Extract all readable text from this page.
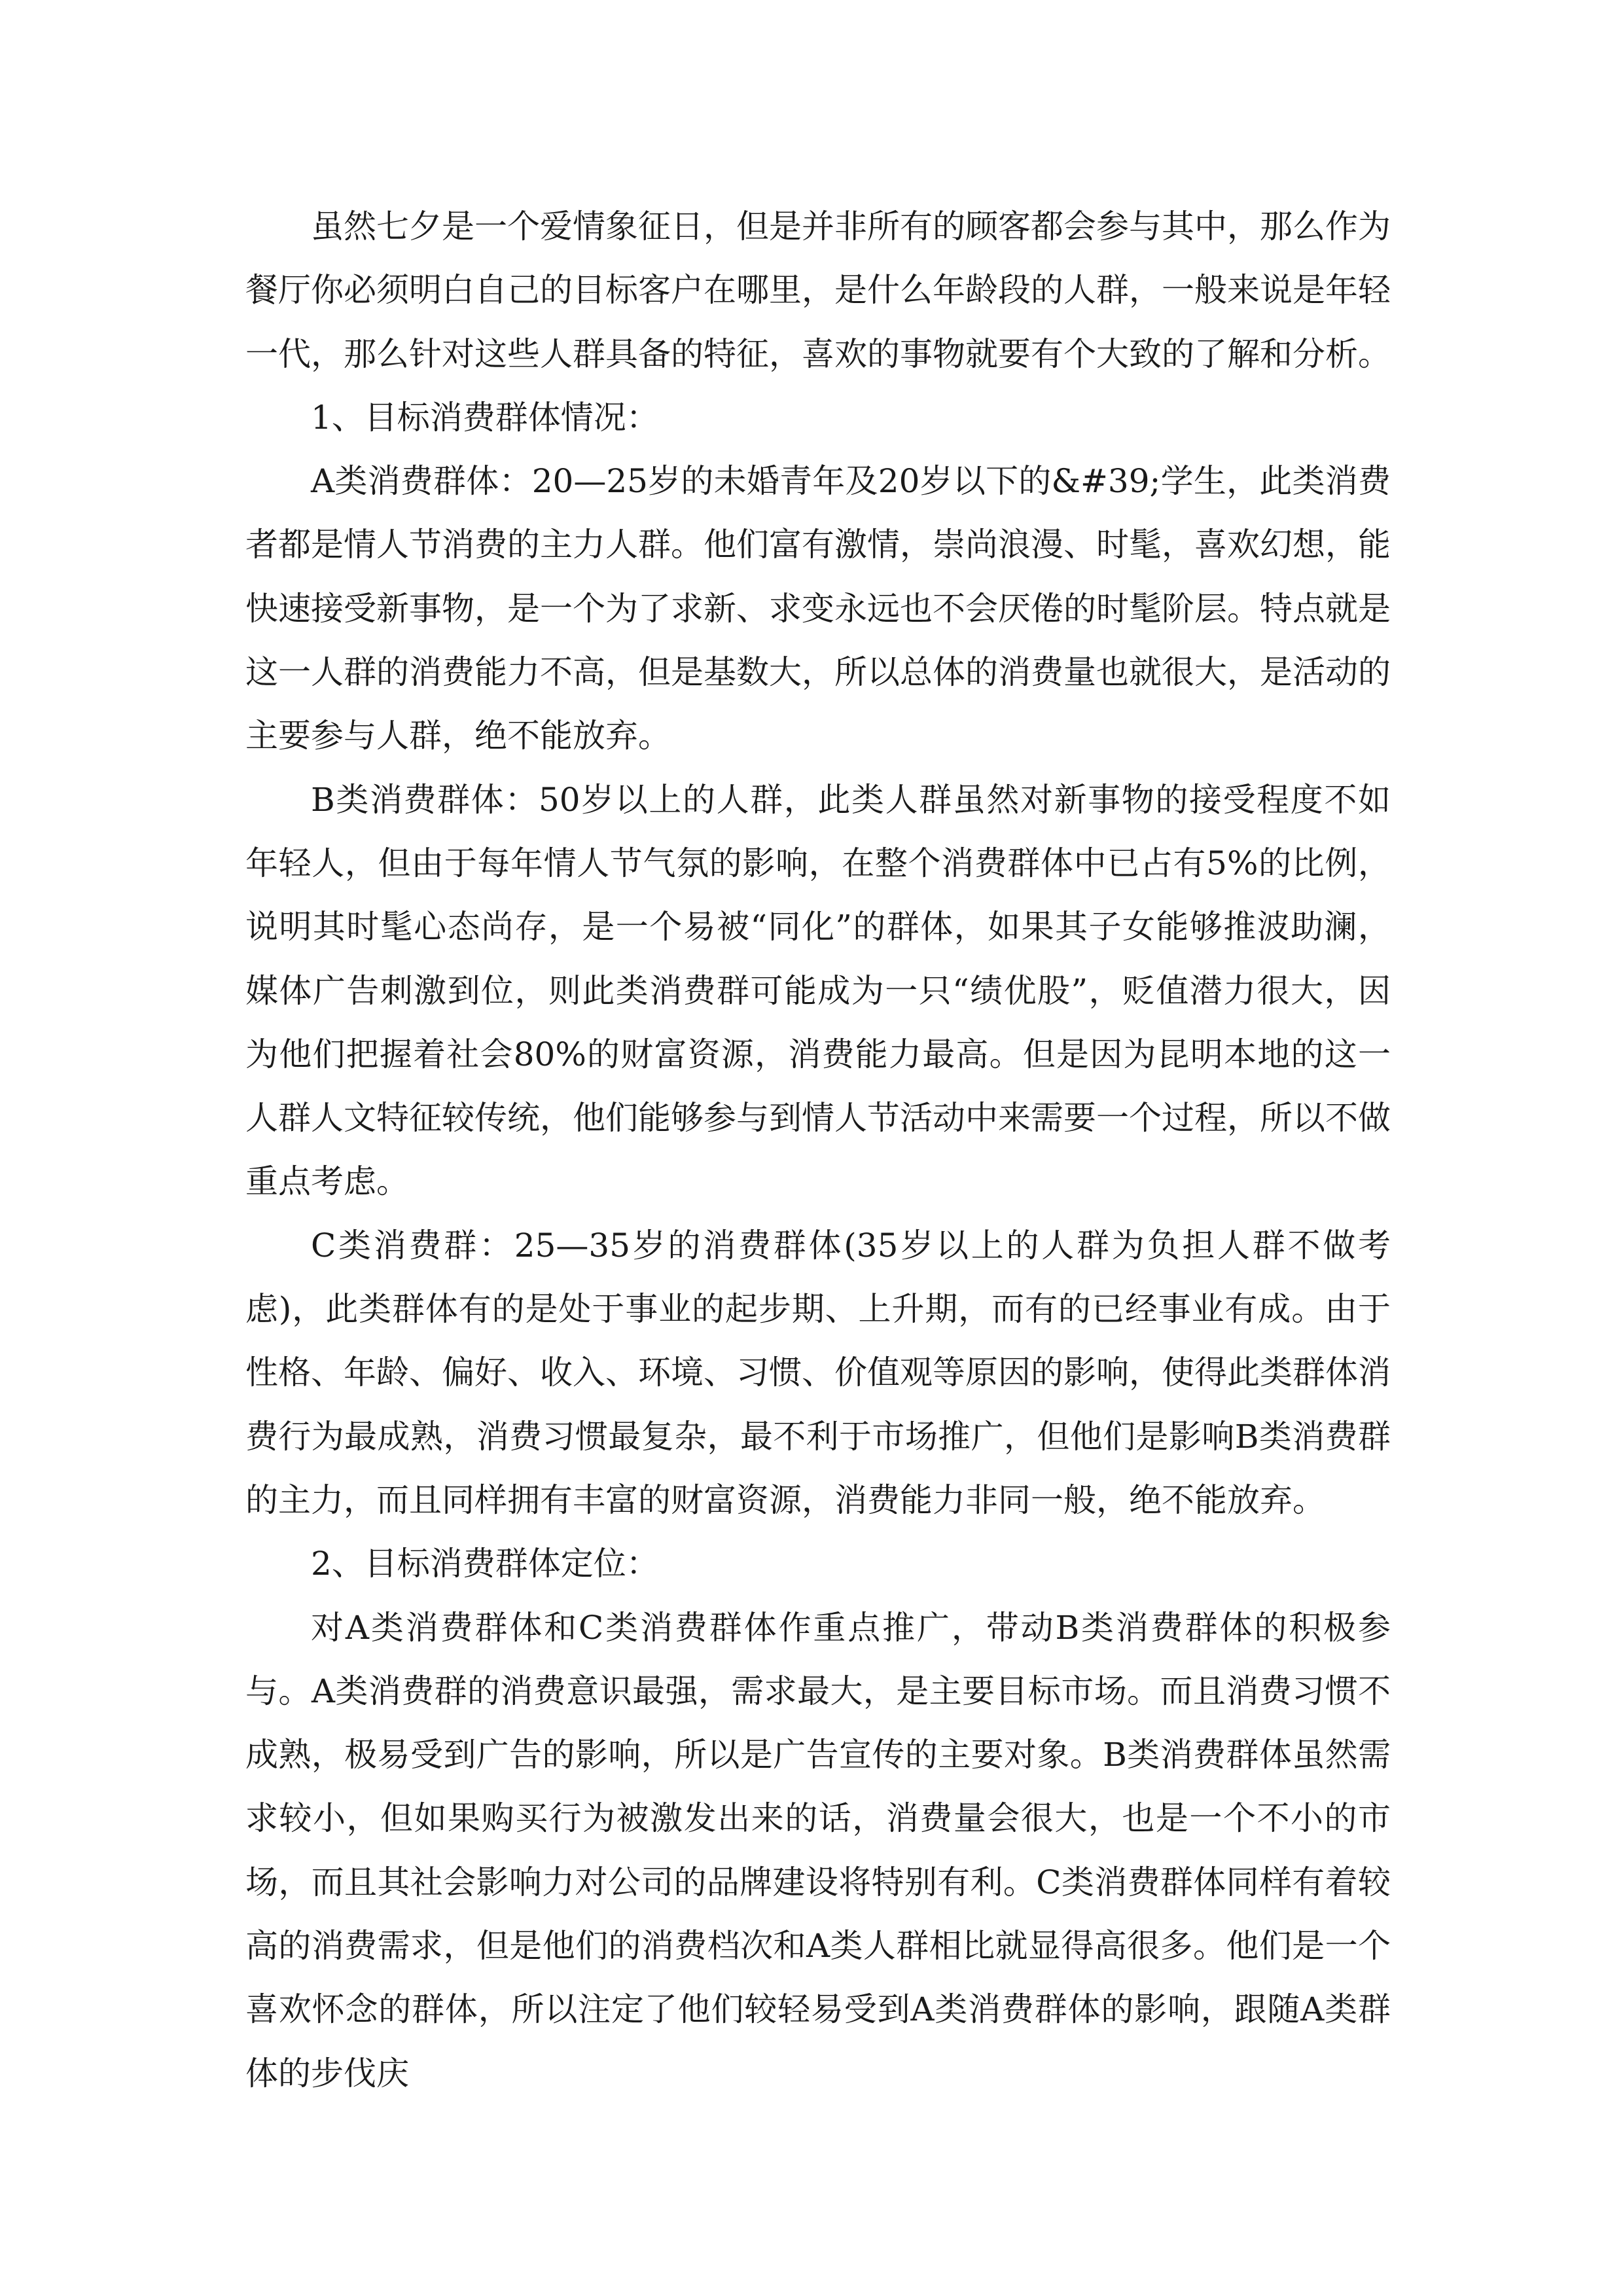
虽然七夕是一个爱情象征日，但是并非所有的顾客都会参与其中，那么作为餐厅你必须明白自己的目标客户在哪里，是什么年龄段的人群，一般来说是年轻一代，那么针对这些人群具备的特征，喜欢的事物就要有个大致的了解和分析。

1、目标消费群体情况：

A类消费群体：20—25岁的未婚青年及20岁以下的&#39;学生，此类消费者都是情人节消费的主力人群。他们富有激情，崇尚浪漫、时髦，喜欢幻想，能快速接受新事物，是一个为了求新、求变永远也不会厌倦的时髦阶层。特点就是这一人群的消费能力不高，但是基数大，所以总体的消费量也就很大，是活动的主要参与人群，绝不能放弃。

B类消费群体：50岁以上的人群，此类人群虽然对新事物的接受程度不如年轻人，但由于每年情人节气氛的影响，在整个消费群体中已占有5%的比例，说明其时髦心态尚存，是一个易被“同化”的群体，如果其子女能够推波助澜，媒体广告刺激到位，则此类消费群可能成为一只“绩优股”，贬值潜力很大，因为他们把握着社会80%的财富资源，消费能力最高。但是因为昆明本地的这一人群人文特征较传统，他们能够参与到情人节活动中来需要一个过程，所以不做重点考虑。

C类消费群：25—35岁的消费群体(35岁以上的人群为负担人群不做考虑)，此类群体有的是处于事业的起步期、上升期，而有的已经事业有成。由于性格、年龄、偏好、收入、环境、习惯、价值观等原因的影响，使得此类群体消费行为最成熟，消费习惯最复杂，最不利于市场推广，但他们是影响B类消费群的主力，而且同样拥有丰富的财富资源，消费能力非同一般，绝不能放弃。

2、目标消费群体定位：

对A类消费群体和C类消费群体作重点推广，带动B类消费群体的积极参与。A类消费群的消费意识最强，需求最大，是主要目标市场。而且消费习惯不成熟，极易受到广告的影响，所以是广告宣传的主要对象。B类消费群体虽然需求较小，但如果购买行为被激发出来的话，消费量会很大，也是一个不小的市场，而且其社会影响力对公司的品牌建设将特别有利。C类消费群体同样有着较高的消费需求，但是他们的消费档次和A类人群相比就显得高很多。他们是一个喜欢怀念的群体，所以注定了他们较轻易受到A类消费群体的影响，跟随A类群体的步伐庆
